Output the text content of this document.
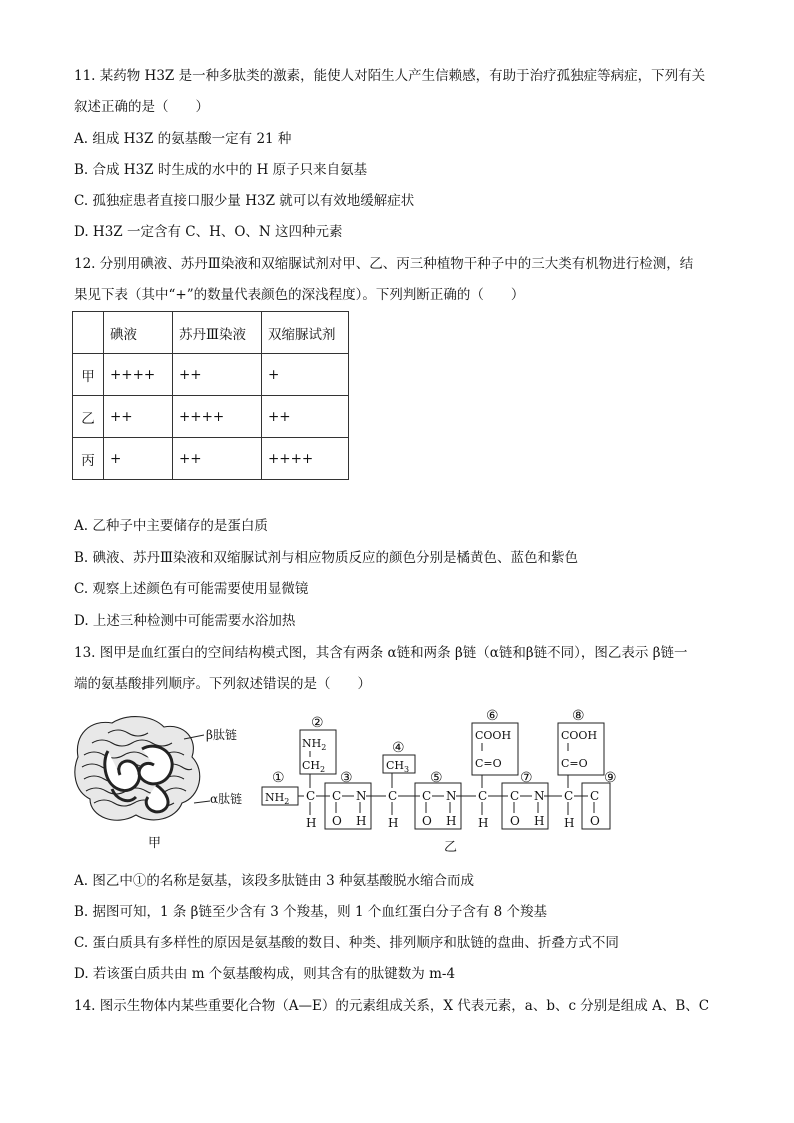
11. 某药物 H3Z 是一种多肽类的激素，能使人对陌生人产生信赖感，有助于治疗孤独症等病症，下列有关
叙述正确的是（　　）
A. 组成 H3Z 的氨基酸一定有 21 种
B. 合成 H3Z 时生成的水中的 H 原子只来自氨基
C. 孤独症患者直接口服少量 H3Z 就可以有效地缓解症状
D. H3Z 一定含有 C、H、O、N 这四种元素
12. 分别用碘液、苏丹Ⅲ染液和双缩脲试剂对甲、乙、丙三种植物干种子中的三大类有机物进行检测，结
果见下表（其中“+”的数量代表颜色的深浅程度）。下列判断正确的（　　）
	碘液	苏丹Ⅲ染液	双缩脲试剂
甲	++++	++	+
乙	++	++++	++
丙	+	++	++++
A. 乙种子中主要储存的是蛋白质
B. 碘液、苏丹Ⅲ染液和双缩脲试剂与相应物质反应的颜色分别是橘黄色、蓝色和紫色
C. 观察上述颜色有可能需要使用显微镜
D. 上述三种检测中可能需要水浴加热
13. 图甲是血红蛋白的空间结构模式图，其含有两条 α链和两条 β链（α链和β链不同），图乙表示 β链一
端的氨基酸排列顺序。下列叙述错误的是（　　）
β肽链
α肽链
甲
①
②
③
④
⑤
⑥
⑦
⑧
⑨
$NH_2$
$NH_2$
$CH_2$	$CH_3$
COOH
C=O
COOH
C=O
C
H
C
O
N
H
C
H
C
O
N
H
C
H
C
O
N
H
C
H
C
O
乙
A. 图乙中①的名称是氨基，该段多肽链由 3 种氨基酸脱水缩合而成
B. 据图可知，1 条 β链至少含有 3 个羧基，则 1 个血红蛋白分子含有 8 个羧基
C. 蛋白质具有多样性的原因是氨基酸的数目、种类、排列顺序和肽链的盘曲、折叠方式不同
D. 若该蛋白质共由 m 个氨基酸构成，则其含有的肽键数为 m-4
14. 图示生物体内某些重要化合物（A—E）的元素组成关系，X 代表元素，a、b、c 分别是组成 A、B、C
